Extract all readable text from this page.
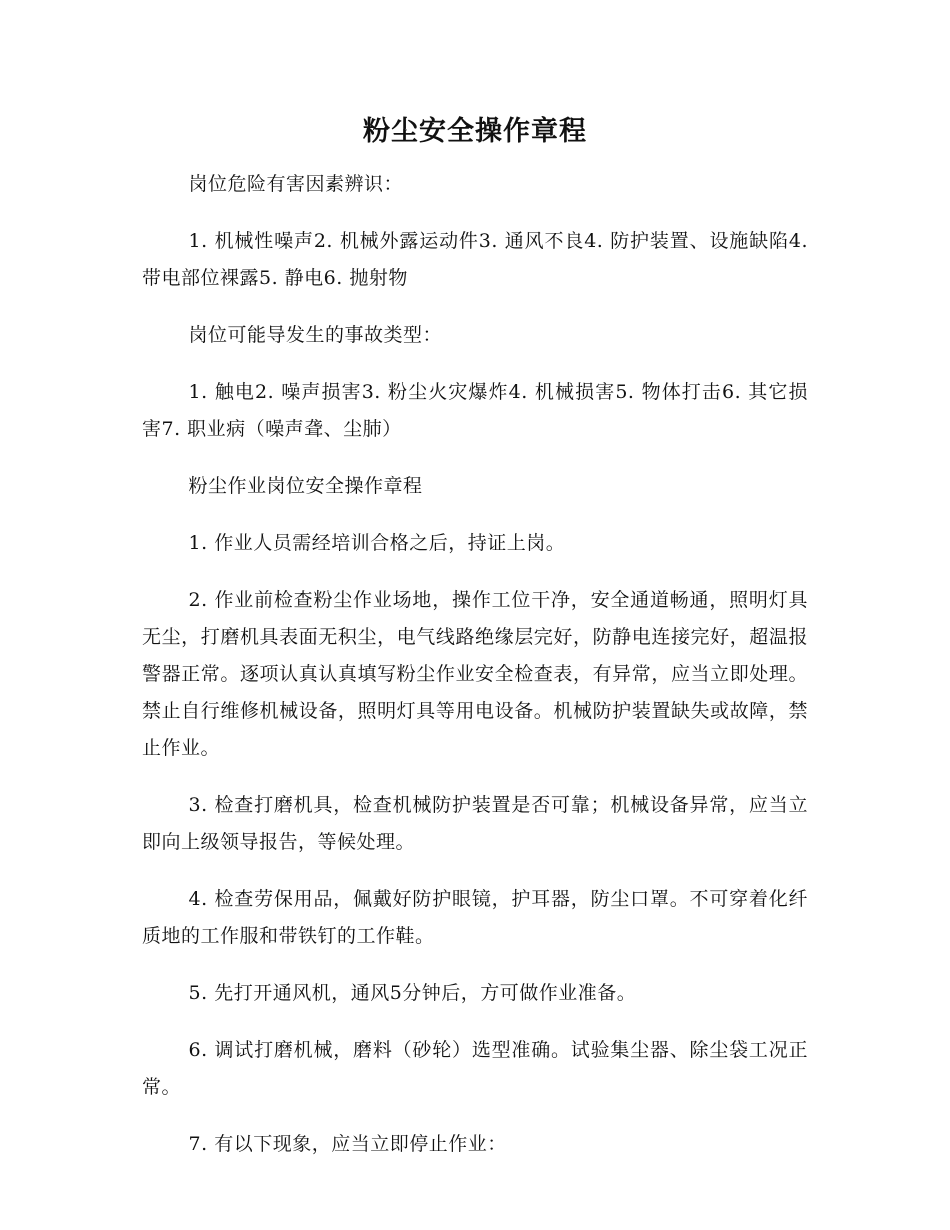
粉尘安全操作章程

岗位危险有害因素辨识：

1. 机械性噪声2. 机械外露运动件3. 通风不良4. 防护装置、设施缺陷4. 带电部位裸露5. 静电6. 抛射物

岗位可能导发生的事故类型：

1. 触电2. 噪声损害3. 粉尘火灾爆炸4. 机械损害5. 物体打击6. 其它损害7. 职业病（噪声聋、尘肺）

粉尘作业岗位安全操作章程

1. 作业人员需经培训合格之后，持证上岗。

2. 作业前检查粉尘作业场地，操作工位干净，安全通道畅通，照明灯具无尘，打磨机具表面无积尘，电气线路绝缘层完好，防静电连接完好，超温报警器正常。逐项认真认真填写粉尘作业安全检查表，有异常，应当立即处理。禁止自行维修机械设备，照明灯具等用电设备。机械防护装置缺失或故障，禁止作业。

3. 检查打磨机具，检查机械防护装置是否可靠；机械设备异常，应当立即向上级领导报告，等候处理。

4. 检查劳保用品，佩戴好防护眼镜，护耳器，防尘口罩。不可穿着化纤质地的工作服和带铁钉的工作鞋。

5. 先打开通风机，通风5分钟后，方可做作业准备。

6. 调试打磨机械，磨料（砂轮）选型准确。试验集尘器、除尘袋工况正常。

7. 有以下现象，应当立即停止作业：
